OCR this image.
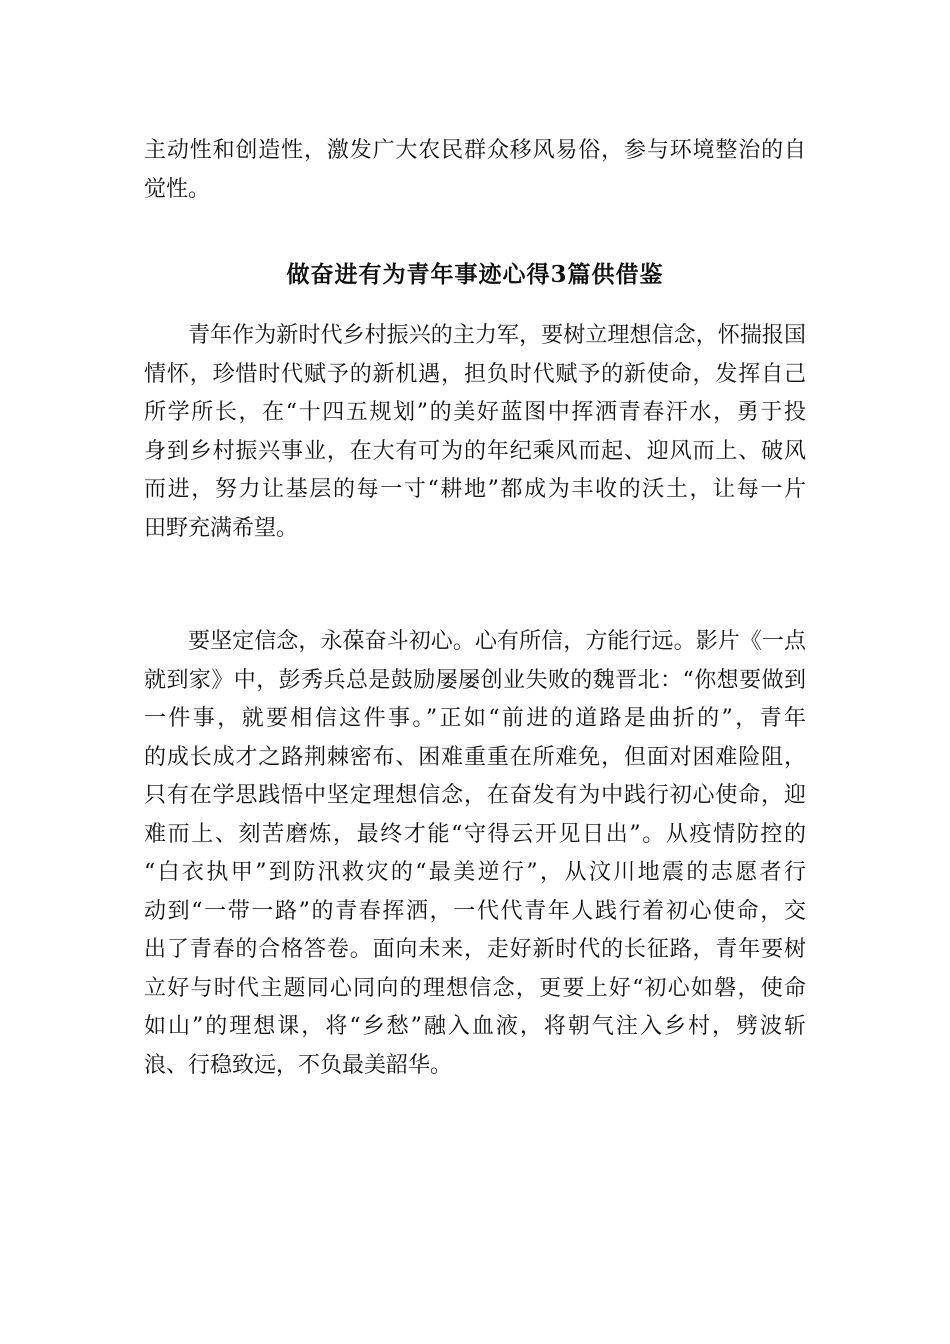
主动性和创造性，激发广大农民群众移风易俗，参与环境整治的自
觉性。
做奋进有为青年事迹心得3篇供借鉴
青年作为新时代乡村振兴的主力军，要树立理想信念，怀揣报国
情怀，珍惜时代赋予的新机遇，担负时代赋予的新使命，发挥自己
所学所长，在“十四五规划”的美好蓝图中挥洒青春汗水，勇于投
身到乡村振兴事业，在大有可为的年纪乘风而起、迎风而上、破风
而进，努力让基层的每一寸“耕地”都成为丰收的沃土，让每一片
田野充满希望。
要坚定信念，永葆奋斗初心。心有所信，方能行远。影片《一点
就到家》中，彭秀兵总是鼓励屡屡创业失败的魏晋北：“你想要做到
一件事，就要相信这件事。”正如“前进的道路是曲折的”，青年
的成长成才之路荆棘密布、困难重重在所难免，但面对困难险阻，
只有在学思践悟中坚定理想信念，在奋发有为中践行初心使命，迎
难而上、刻苦磨炼，最终才能“守得云开见日出”。从疫情防控的
“白衣执甲”到防汛救灾的“最美逆行”，从汶川地震的志愿者行
动到“一带一路”的青春挥洒，一代代青年人践行着初心使命，交
出了青春的合格答卷。面向未来，走好新时代的长征路，青年要树
立好与时代主题同心同向的理想信念，更要上好“初心如磐，使命
如山”的理想课，将“乡愁”融入血液，将朝气注入乡村，劈波斩
浪、行稳致远，不负最美韶华。
